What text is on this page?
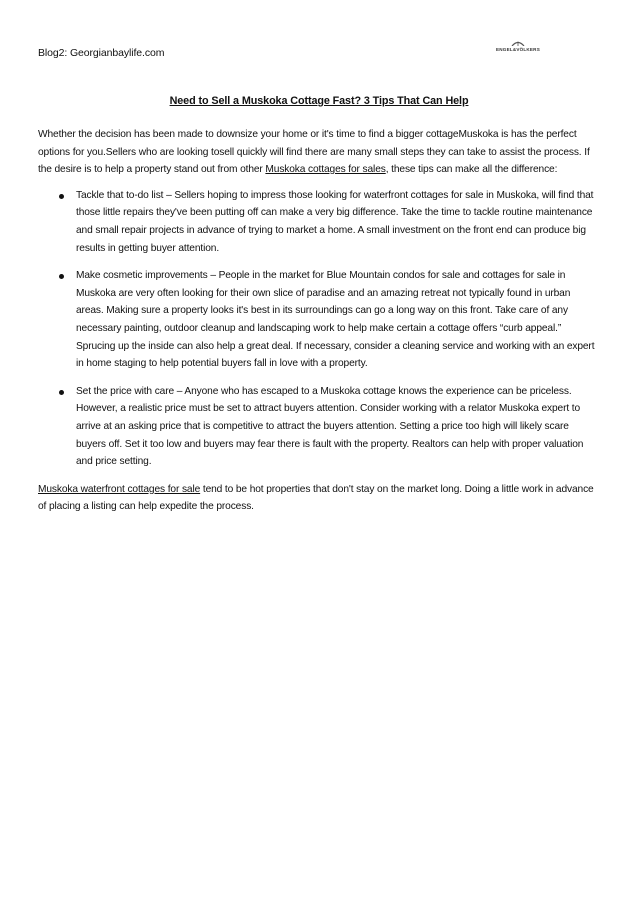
Blog2: Georgianbaylife.com	ENGEL&VÖLKERS
Need to Sell a Muskoka Cottage Fast? 3 Tips That Can Help

Whether the decision has been made to downsize your home or it's time to find a bigger cottageMuskoka is has the perfect options for you.Sellers who are looking tosell quickly will find there are many small steps they can take to assist the process. If the desire is to help a property stand out from other Muskoka cottages for sales, these tips can make all the difference:

Tackle that to-do list – Sellers hoping to impress those looking for waterfront cottages for sale in Muskoka, will find that those little repairs they've been putting off can make a very big difference. Take the time to tackle routine maintenance and small repair projects in advance of trying to market a home. A small investment on the front end can produce big results in getting buyer attention.
Make cosmetic improvements – People in the market for Blue Mountain condos for sale and cottages for sale in Muskoka are very often looking for their own slice of paradise and an amazing retreat not typically found in urban areas. Making sure a property looks it's best in its surroundings can go a long way on this front. Take care of any necessary painting, outdoor cleanup and landscaping work to help make certain a cottage offers “curb appeal.” Sprucing up the inside can also help a great deal. If necessary, consider a cleaning service and working with an expert in home staging to help potential buyers fall in love with a property.
Set the price with care – Anyone who has escaped to a Muskoka cottage knows the experience can be priceless. However, a realistic price must be set to attract buyers attention. Consider working with a relator Muskoka expert to arrive at an asking price that is competitive to attract the buyers attention. Setting a price too high will likely scare buyers off. Set it too low and buyers may fear there is fault with the property. Realtors can help with proper valuation and price setting.

Muskoka waterfront cottages for sale tend to be hot properties that don't stay on the market long. Doing a little work in advance of placing a listing can help expedite the process.
